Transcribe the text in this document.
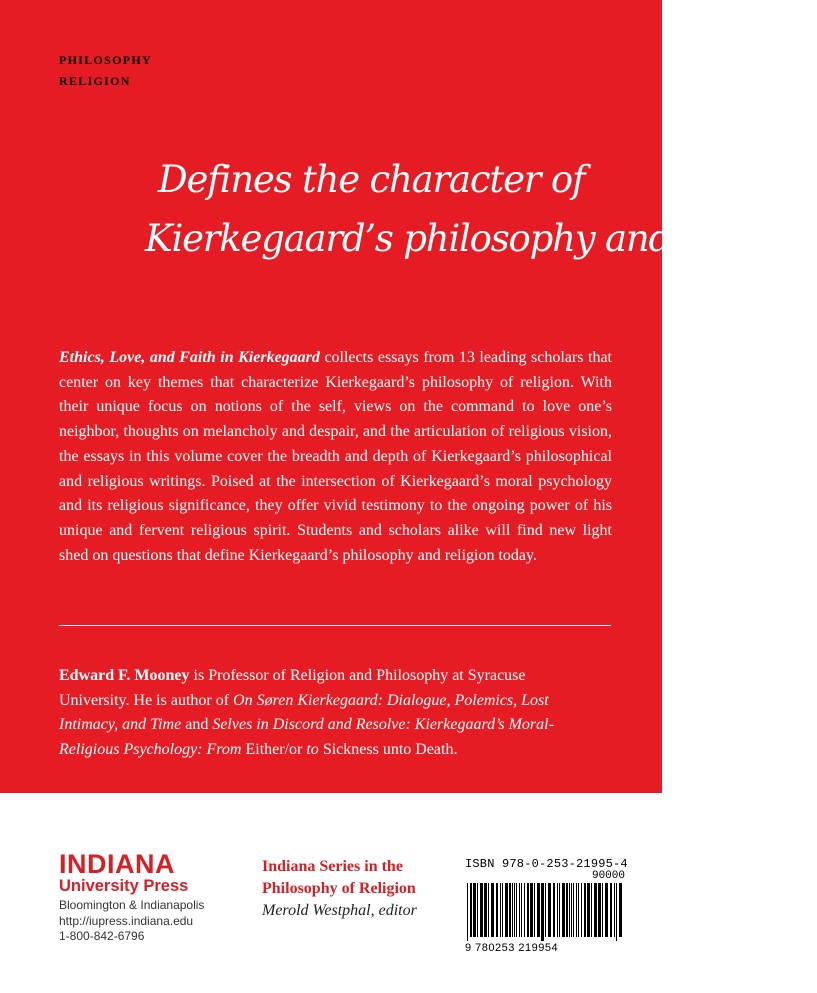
PHILOSOPHY
RELIGION
Defines the character of
Kierkegaard’s philosophy and religion

Ethics, Love, and Faith in Kierkegaard collects essays from 13 leading scholars that center on key themes that characterize Kierkegaard’s philosophy of religion. With their unique focus on notions of the self, views on the command to love one’s neighbor, thoughts on melancholy and despair, and the articulation of religious vision, the essays in this volume cover the breadth and depth of Kierkegaard’s philosophical and religious writings. Poised at the intersection of Kierkegaard’s moral psychology and its religious significance, they offer vivid testimony to the ongoing power of his unique and fervent religious spirit. Students and scholars alike will find new light shed on questions that define Kierkegaard’s philosophy and religion today.

Edward F. Mooney is Professor of Religion and Philosophy at Syracuse University. He is author of On Søren Kierkegaard: Dialogue, Polemics, Lost Intimacy, and Time and Selves in Discord and Resolve: Kierkegaard’s Moral-Religious Psychology: From Either/or to Sickness unto Death.

INDIANA
University Press
Bloomington & Indianapolis
http://iupress.indiana.edu
1-800-842-6796
Indiana Series in the
Philosophy of Religion
Merold Westphal, editor
ISBN 978-0-253-21995-4
90000
9 780253 219954
